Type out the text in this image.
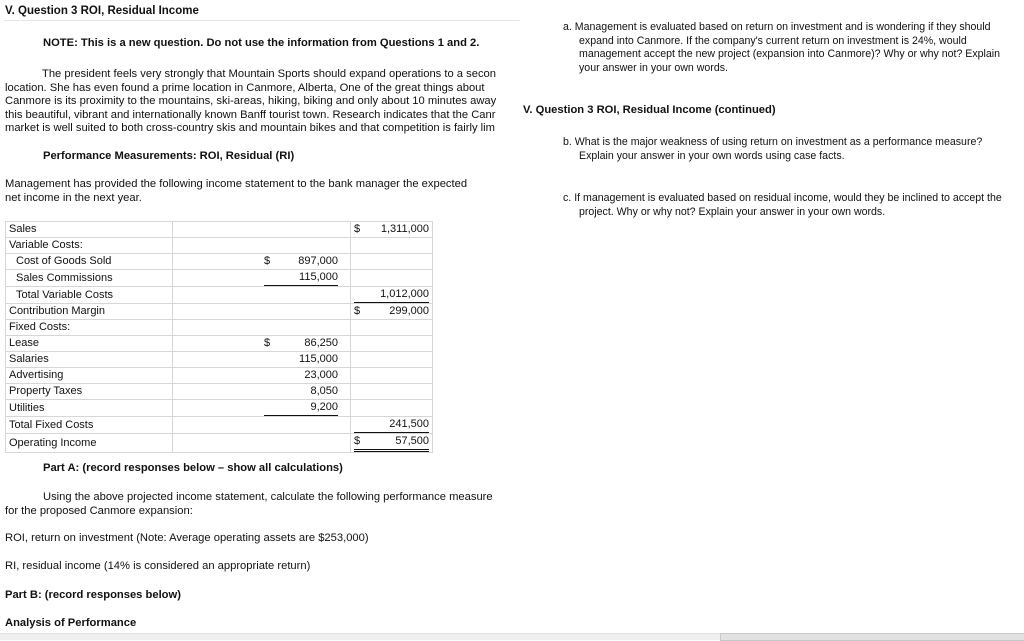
V. Question 3 ROI, Residual Income
NOTE: This is a new question. Do not use the information from Questions 1 and 2.
The president feels very strongly that Mountain Sports should expand operations to a secon
location. She has even found a prime location in Canmore, Alberta, One of the great things about
Canmore is its proximity to the mountains, ski-areas, hiking, biking and only about 10 minutes away
this beautiful, vibrant and internationally known Banff tourist town. Research indicates that the Canr
market is well suited to both cross-country skis and mountain bikes and that competition is fairly lim
Performance Measurements: ROI, Residual (RI)
Management has provided the following income statement to the bank manager the expected
net income in the next year.
Sales		$ 1,311,000

Variable Costs:	

Cost of Goods Sold	$ 897,000	

Sales Commissions	115,000	

Total Variable Costs		1,012,000

Contribution Margin		$ 299,000

Fixed Costs:	

Lease	$ 86,250	

Salaries	115,000	

Advertising	23,000	

Property Taxes	8,050	

Utilities	9,200	

Total Fixed Costs		241,500

Operating Income		$ 57,500
Part A: (record responses below – show all calculations)
Using the above projected income statement, calculate the following performance measure
for the proposed Canmore expansion:
ROI, return on investment (Note: Average operating assets are $253,000)
RI, residual income (14% is considered an appropriate return)
Part B: (record responses below)
Analysis of Performance
a. Management is evaluated based on return on investment and is wondering if they should expand into Canmore. If the company's current return on investment is 24%, would management accept the new project (expansion into Canmore)? Why or why not? Explain your answer in your own words.
V. Question 3 ROI, Residual Income (continued)
b. What is the major weakness of using return on investment as a performance measure? Explain your answer in your own words using case facts.
c. If management is evaluated based on residual income, would they be inclined to accept the project. Why or why not? Explain your answer in your own words.
